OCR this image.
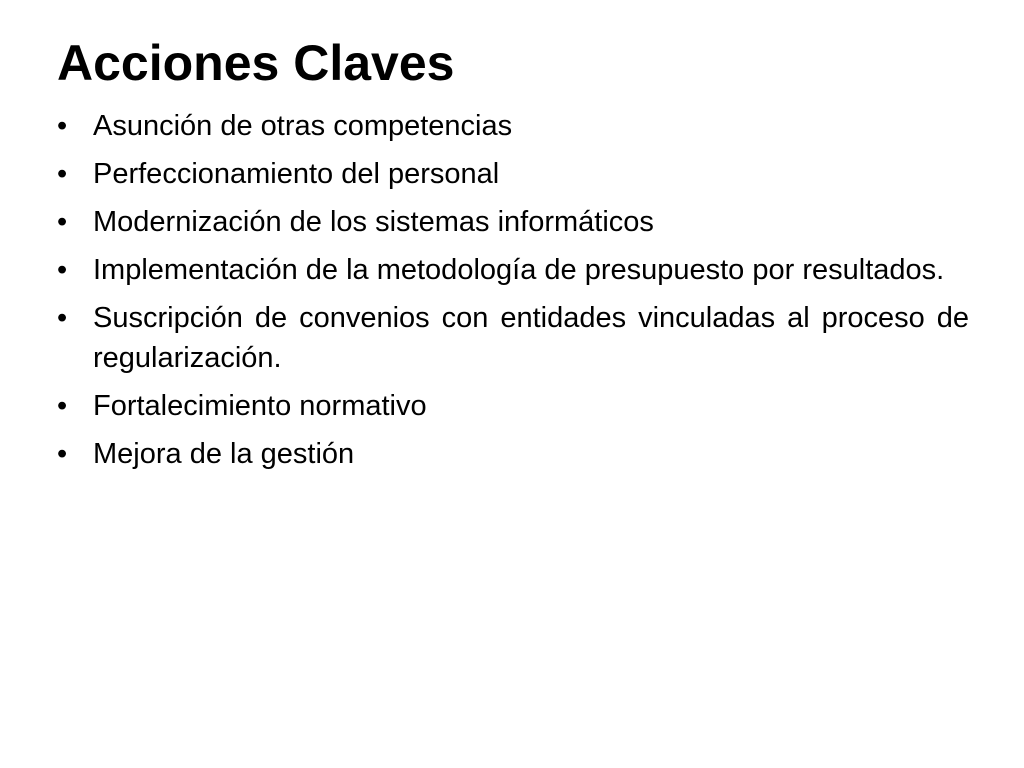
Acciones Claves
• Asunción de otras competencias
• Perfeccionamiento del personal
• Modernización de los sistemas informáticos
• Implementación de la metodología de presupuesto por resultados.
• Suscripción de convenios con entidades vinculadas al proceso de regularización.
• Fortalecimiento normativo
• Mejora de la gestión
